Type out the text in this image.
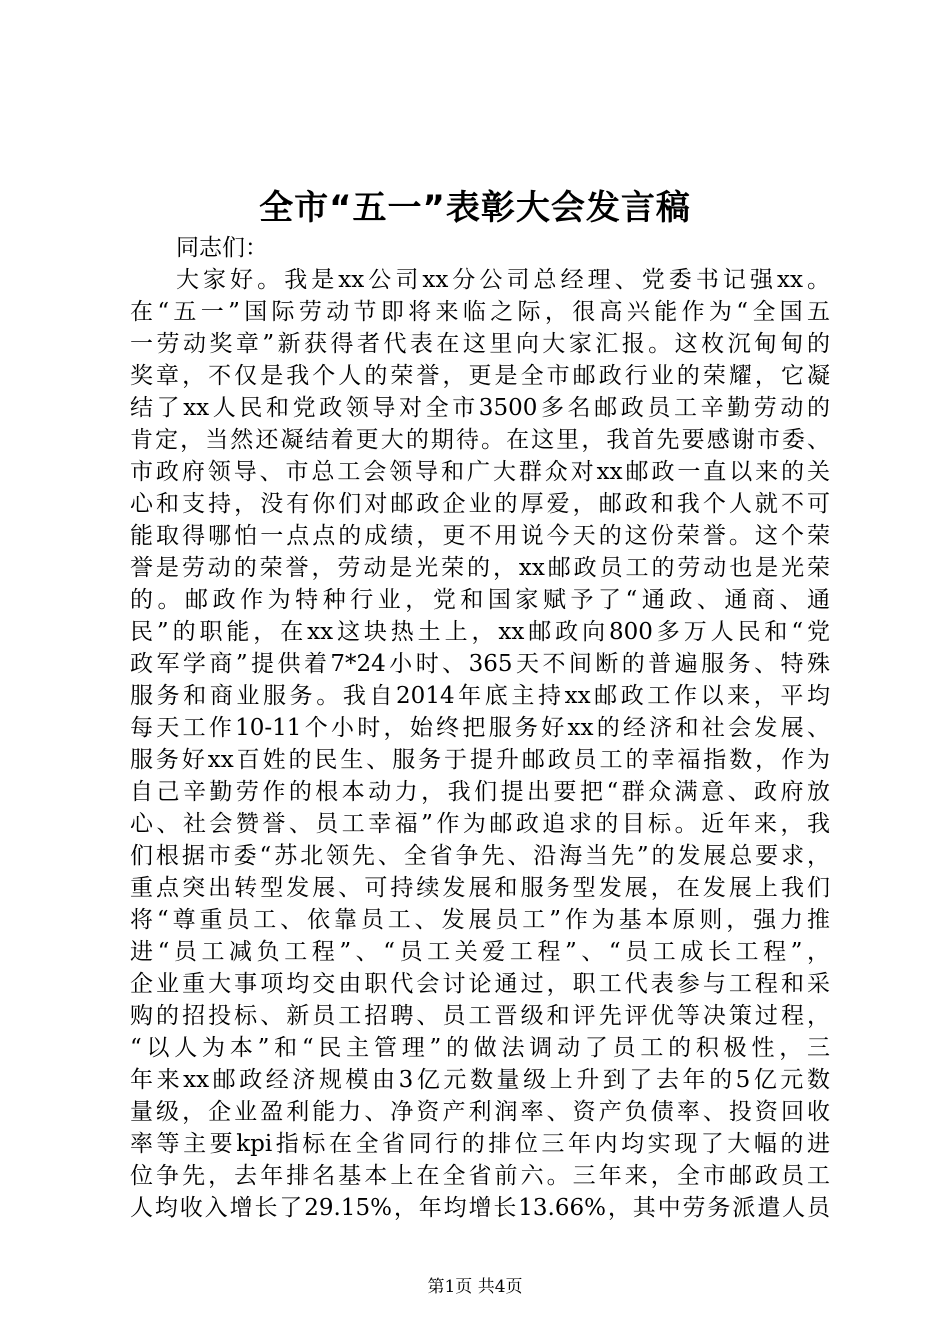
全市“五一”表彰大会发言稿
同志们：
大家好。我是xx公司xx分公司总经理、党委书记强xx。
在“五一”国际劳动节即将来临之际，很高兴能作为“全国五
一劳动奖章”新获得者代表在这里向大家汇报。这枚沉甸甸的
奖章，不仅是我个人的荣誉，更是全市邮政行业的荣耀，它凝
结了xx人民和党政领导对全市3500多名邮政员工辛勤劳动的
肯定，当然还凝结着更大的期待。在这里，我首先要感谢市委、
市政府领导、市总工会领导和广大群众对xx邮政一直以来的关
心和支持，没有你们对邮政企业的厚爱，邮政和我个人就不可
能取得哪怕一点点的成绩，更不用说今天的这份荣誉。这个荣
誉是劳动的荣誉，劳动是光荣的，xx邮政员工的劳动也是光荣
的。邮政作为特种行业，党和国家赋予了“通政、通商、通
民”的职能，在xx这块热土上，xx邮政向800多万人民和“党
政军学商”提供着7*24小时、365天不间断的普遍服务、特殊
服务和商业服务。我自2014年底主持xx邮政工作以来，平均
每天工作10-11个小时，始终把服务好xx的经济和社会发展、
服务好xx百姓的民生、服务于提升邮政员工的幸福指数，作为
自己辛勤劳作的根本动力，我们提出要把“群众满意、政府放
心、社会赞誉、员工幸福”作为邮政追求的目标。近年来，我
们根据市委“苏北领先、全省争先、沿海当先”的发展总要求，
重点突出转型发展、可持续发展和服务型发展，在发展上我们
将“尊重员工、依靠员工、发展员工”作为基本原则，强力推
进“员工减负工程”、“员工关爱工程”、“员工成长工程”，
企业重大事项均交由职代会讨论通过，职工代表参与工程和采
购的招投标、新员工招聘、员工晋级和评先评优等决策过程，
“以人为本”和“民主管理”的做法调动了员工的积极性，三
年来xx邮政经济规模由3亿元数量级上升到了去年的5亿元数
量级，企业盈利能力、净资产利润率、资产负债率、投资回收
率等主要kpi指标在全省同行的排位三年内均实现了大幅的进
位争先，去年排名基本上在全省前六。三年来，全市邮政员工
人均收入增长了29.15%，年均增长13.66%，其中劳务派遣人员
第1页 共4页
